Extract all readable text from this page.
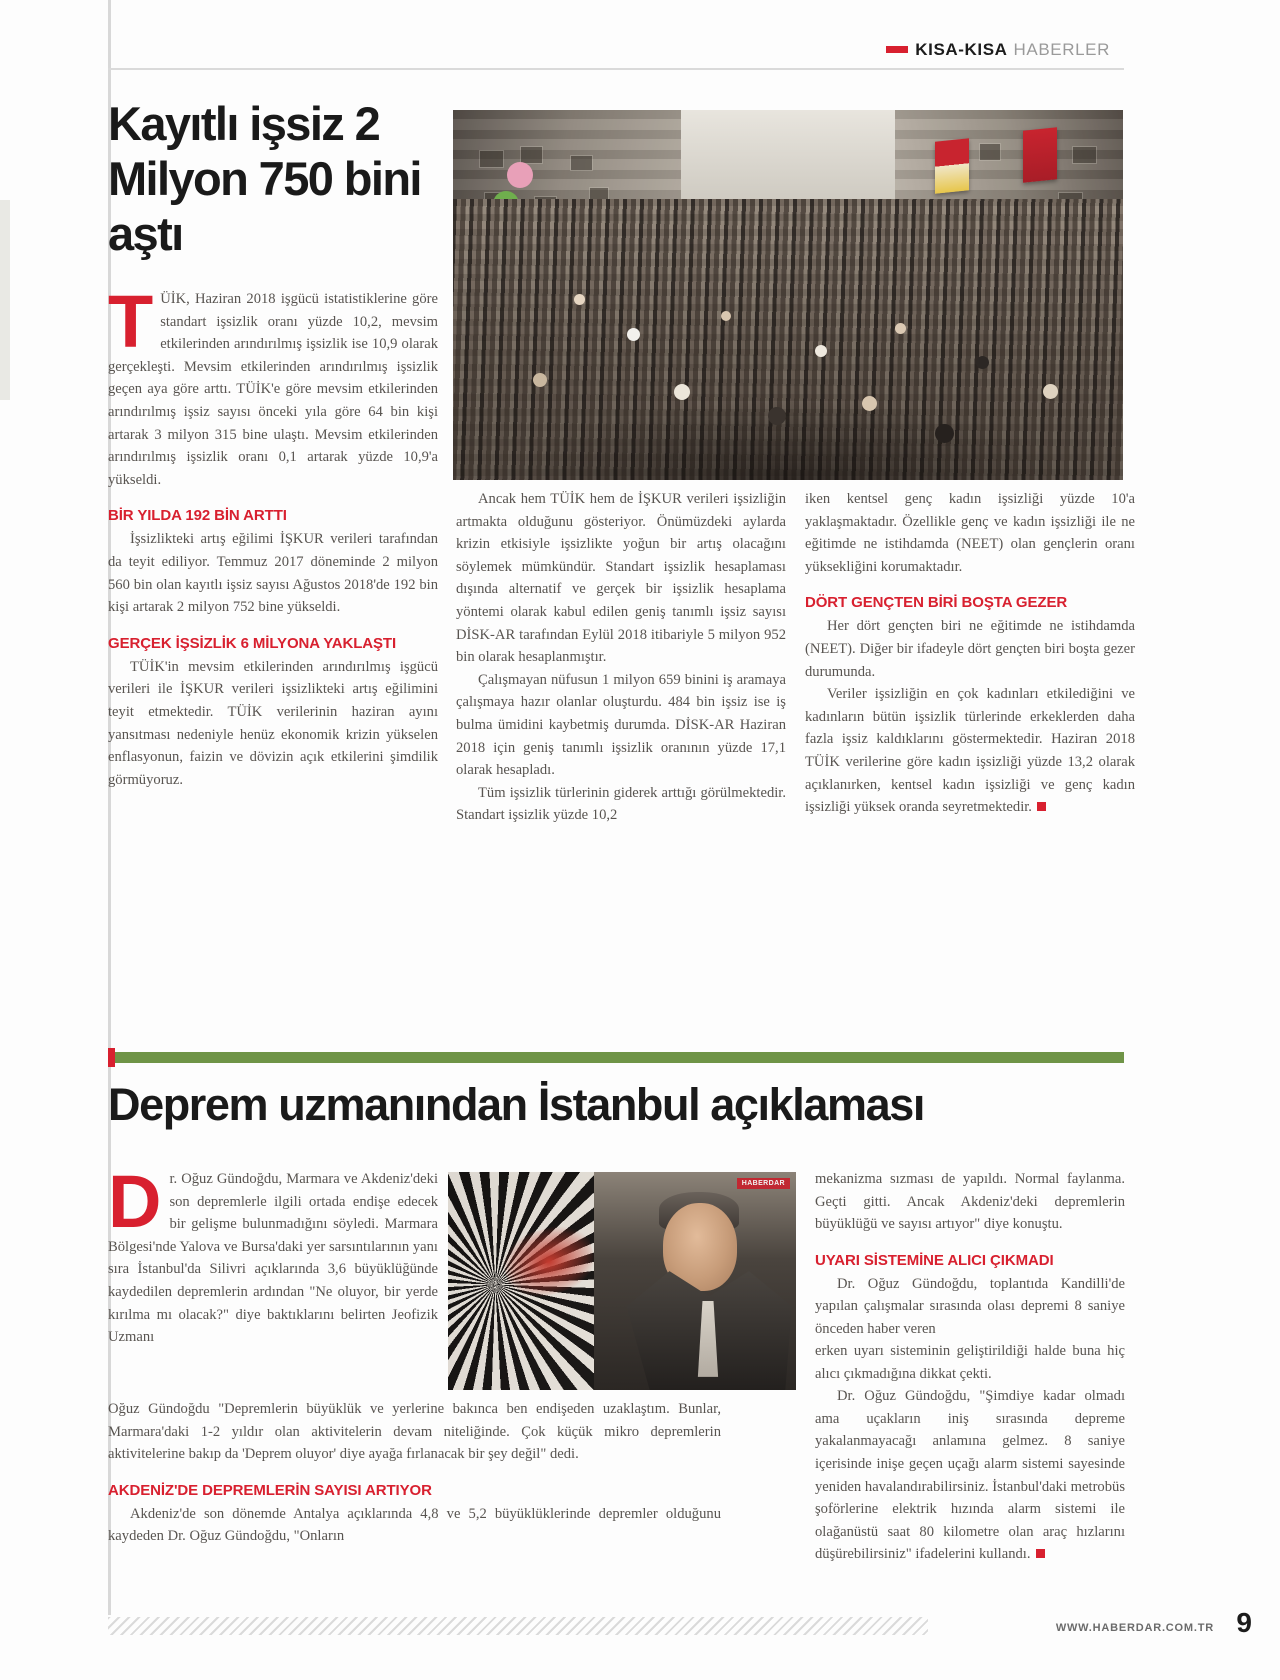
KISA-KISA HABERLER
Kayıtlı işsiz 2 Milyon 750 bini aştı

TÜİK, Haziran 2018 işgücü istatistiklerine göre standart işsizlik oranı yüzde 10,2, mevsim etkilerinden arındırılmış işsizlik ise 10,9 olarak gerçekleşti. Mevsim etkilerinden arındırılmış işsizlik geçen aya göre arttı. TÜİK'e göre mevsim etkilerinden arındırılmış işsiz sayısı önceki yıla göre 64 bin kişi artarak 3 milyon 315 bine ulaştı. Mevsim etkilerinden arındırılmış işsizlik oranı 0,1 artarak yüzde 10,9'a yükseldi.

BİR YILDA 192 BİN ARTTI

İşsizlikteki artış eğilimi İŞKUR verileri tarafından da teyit ediliyor. Temmuz 2017 döneminde 2 milyon 560 bin olan kayıtlı işsiz sayısı Ağustos 2018'de 192 bin kişi artarak 2 milyon 752 bine yükseldi.

GERÇEK İŞSİZLİK 6 MİLYONA YAKLAŞTI

TÜİK'in mevsim etkilerinden arındırılmış işgücü verileri ile İŞKUR verileri işsizlikteki artış eğilimini teyit etmektedir. TÜİK verilerinin haziran ayını yansıtması nedeniyle henüz ekonomik krizin yükselen enflasyonun, faizin ve dövizin açık etkilerini şimdilik görmüyoruz.

Ancak hem TÜİK hem de İŞKUR verileri işsizliğin artmakta olduğunu gösteriyor. Önümüzdeki aylarda krizin etkisiyle işsizlikte yoğun bir artış olacağını söylemek mümkündür. Standart işsizlik hesaplaması dışında alternatif ve gerçek bir işsizlik hesaplama yöntemi olarak kabul edilen geniş tanımlı işsiz sayısı DİSK-AR tarafından Eylül 2018 itibariyle 5 milyon 952 bin olarak hesaplanmıştır.

Çalışmayan nüfusun 1 milyon 659 binini iş aramaya çalışmaya hazır olanlar oluşturdu. 484 bin işsiz ise iş bulma ümidini kaybetmiş durumda. DİSK-AR Haziran 2018 için geniş tanımlı işsizlik oranının yüzde 17,1 olarak hesapladı.

Tüm işsizlik türlerinin giderek arttığı görülmektedir. Standart işsizlik yüzde 10,2

iken kentsel genç kadın işsizliği yüzde 10'a yaklaşmaktadır. Özellikle genç ve kadın işsizliği ile ne eğitimde ne istihdamda (NEET) olan gençlerin oranı yüksekliğini korumaktadır.

DÖRT GENÇTEN BİRİ BOŞTA GEZER

Her dört gençten biri ne eğitimde ne istihdamda (NEET). Diğer bir ifadeyle dört gençten biri boşta gezer durumunda.

Veriler işsizliğin en çok kadınları etkilediğini ve kadınların bütün işsizlik türlerinde erkeklerden daha fazla işsiz kaldıklarını göstermektedir. Haziran 2018 TÜİK verilerine göre kadın işsizliği yüzde 13,2 olarak açıklanırken, kentsel kadın işsizliği ve genç kadın işsizliği yüksek oranda seyretmektedir.

Deprem uzmanından İstanbul açıklaması
HABERDAR

Dr. Oğuz Gündoğdu, Marmara ve Akdeniz'deki son depremlerle ilgili ortada endişe edecek bir gelişme bulunmadığını söyledi. Marmara Bölgesi'nde Yalova ve Bursa'daki yer sarsıntılarının yanı sıra İstanbul'da Silivri açıklarında 3,6 büyüklüğünde kaydedilen depremlerin ardından "Ne oluyor, bir yerde kırılma mı olacak?" diye baktıklarını belirten Jeofizik Uzmanı

mekanizma sızması de yapıldı. Normal faylanma. Geçti gitti. Ancak Akdeniz'deki depremlerin büyüklüğü ve sayısı artıyor" diye konuştu.

UYARI SİSTEMİNE ALICI ÇIKMADI

Dr. Oğuz Gündoğdu, toplantıda Kandilli'de yapılan çalışmalar sırasında olası depremi 8 saniye önceden haber veren

Oğuz Gündoğdu "Depremlerin büyüklük ve yerlerine bakınca ben endişeden uzaklaştım. Bunlar, Marmara'daki 1-2 yıldır olan aktivitelerin devam niteliğinde. Çok küçük mikro depremlerin aktivitelerine bakıp da 'Deprem oluyor' diye ayağa fırlanacak bir şey değil" dedi.

AKDENİZ'DE DEPREMLERİN SAYISI ARTIYOR

Akdeniz'de son dönemde Antalya açıklarında 4,8 ve 5,2 büyüklüklerinde depremler olduğunu kaydeden Dr. Oğuz Gündoğdu, "Onların

erken uyarı sisteminin geliştirildiği halde buna hiç alıcı çıkmadığına dikkat çekti.

Dr. Oğuz Gündoğdu, "Şimdiye kadar olmadı ama uçakların iniş sırasında depreme yakalanmayacağı anlamına gelmez. 8 saniye içerisinde inişe geçen uçağı alarm sistemi sayesinde yeniden havalandırabilirsiniz. İstanbul'daki metrobüs şoförlerine elektrik hızında alarm sistemi ile olağanüstü saat 80 kilometre olan araç hızlarını düşürebilirsiniz" ifadelerini kullandı.

WWW.HABERDAR.COM.TR 9
